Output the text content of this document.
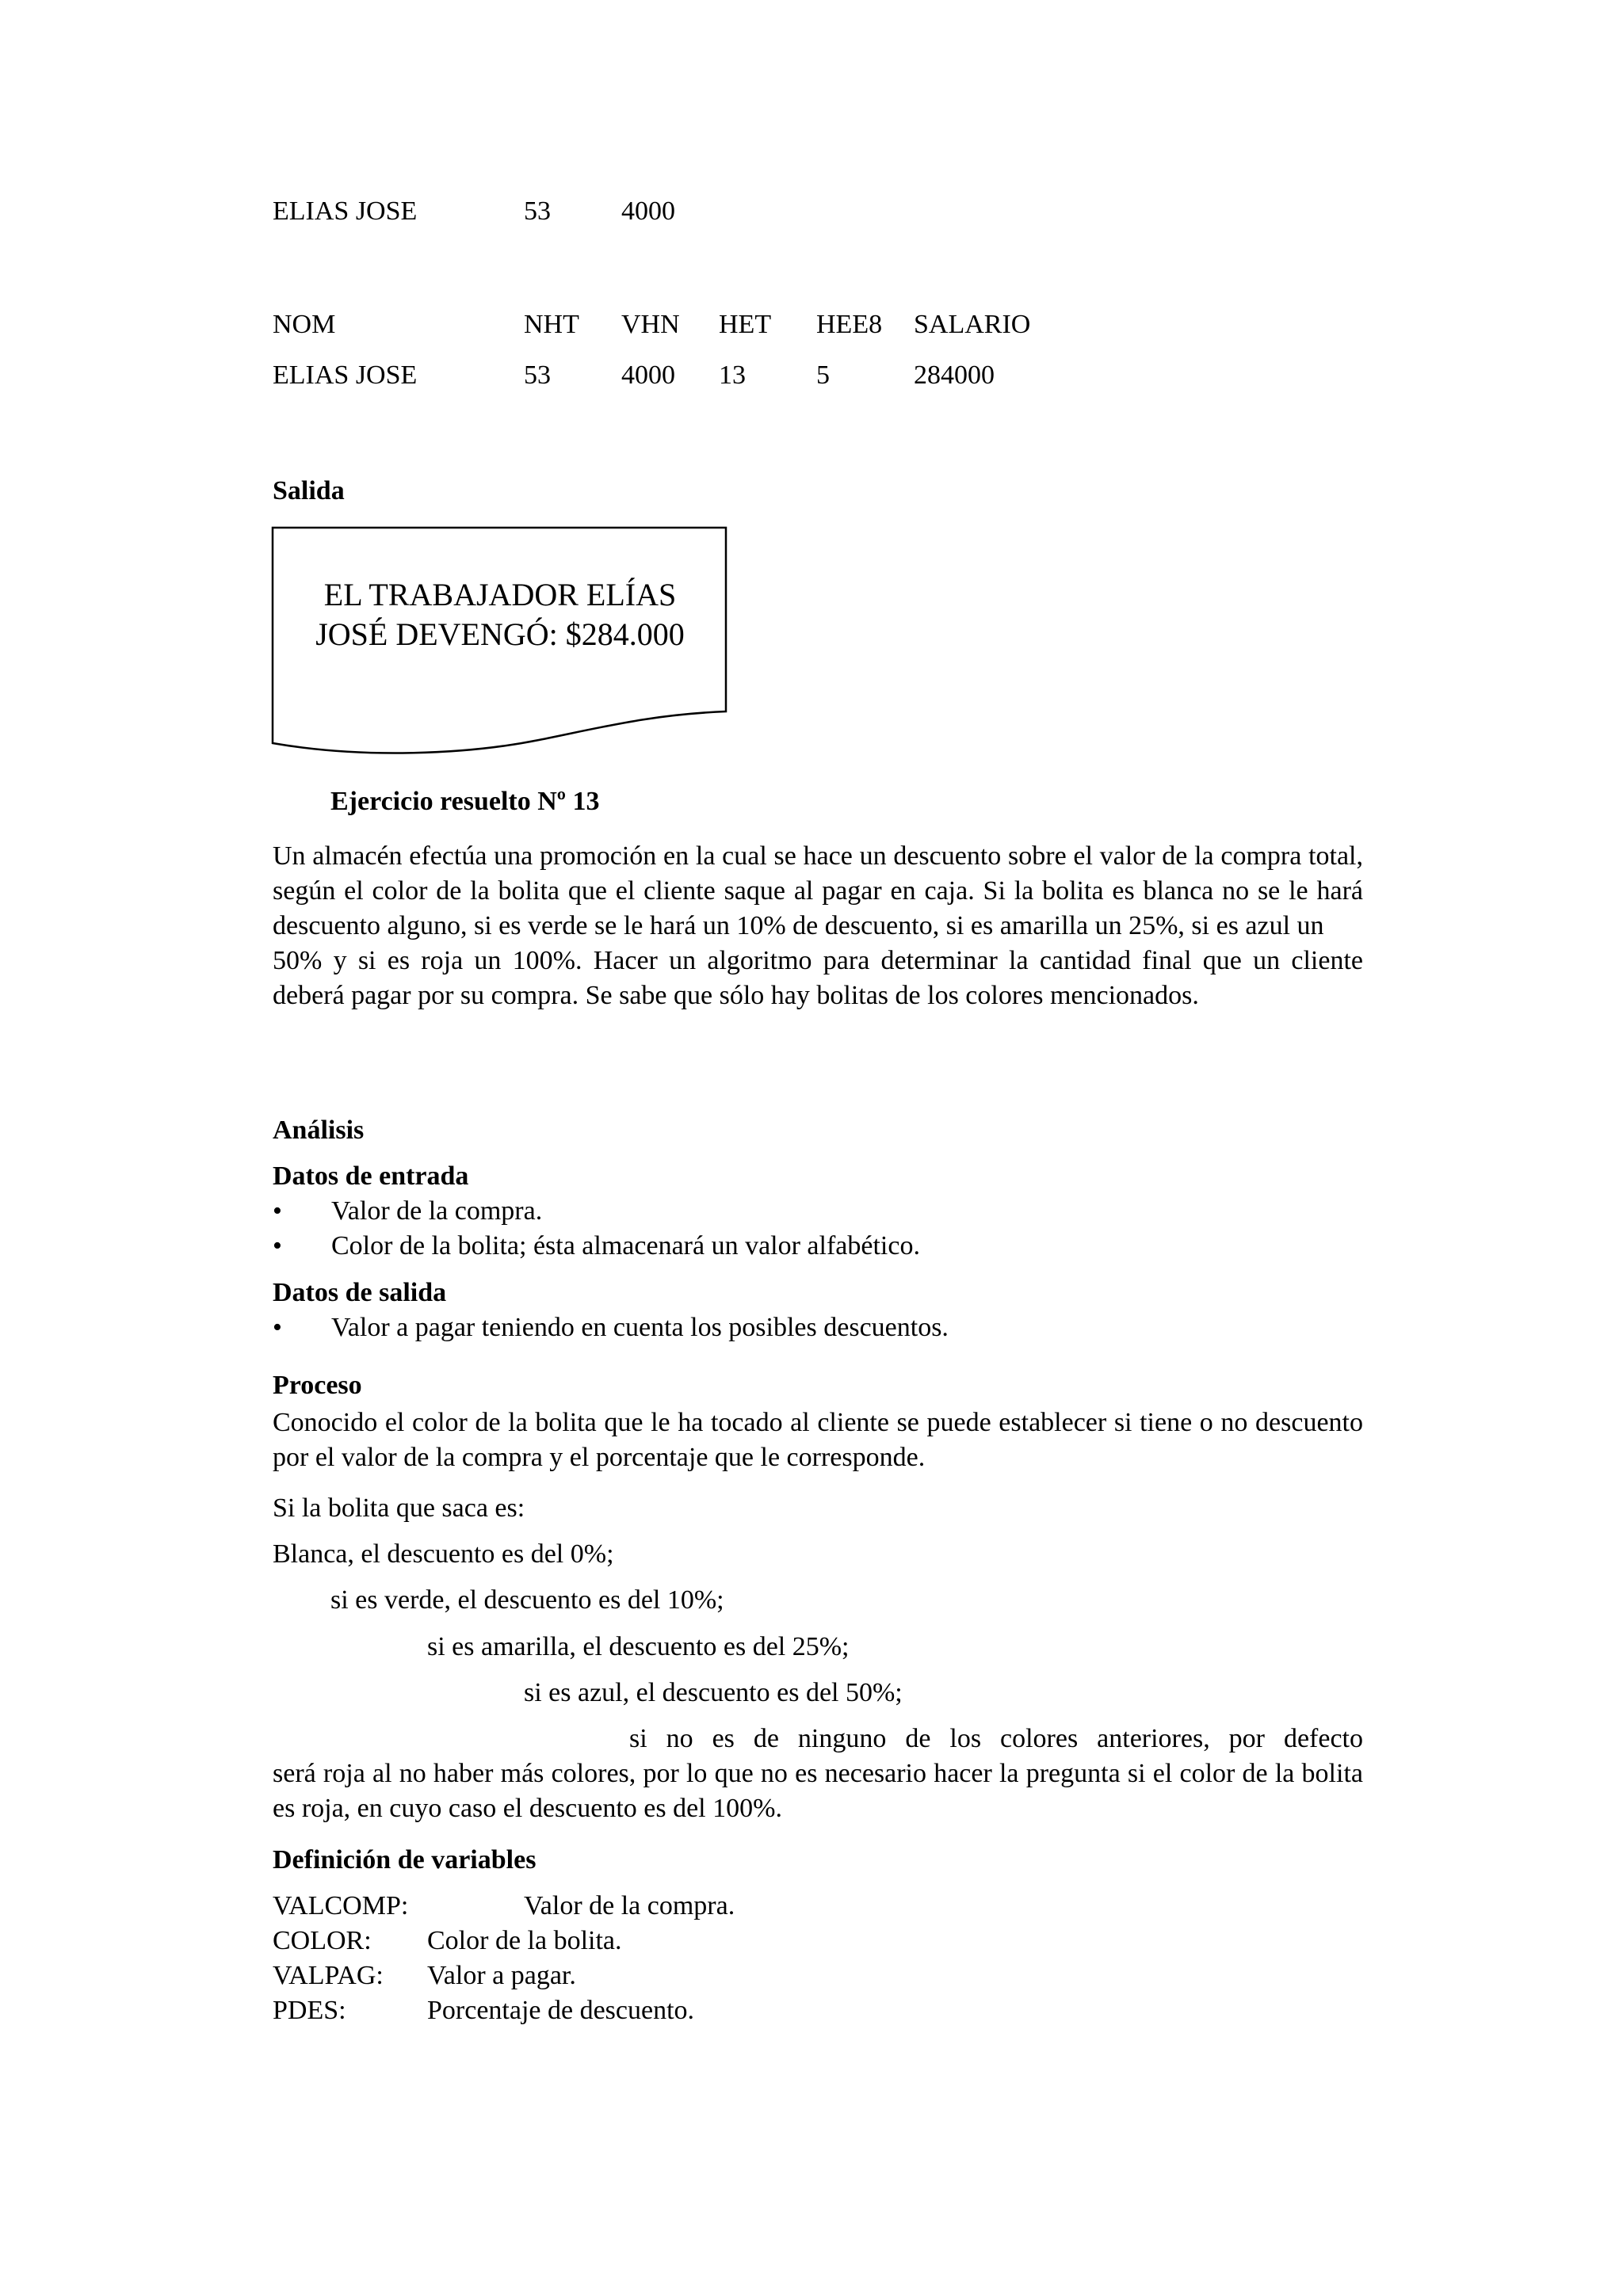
ELIAS JOSE	53	4000
NOM	NHT VHN HET HEE8 SALARIO
ELIAS JOSE	53	4000 13	5	284000
Salida
EL TRABAJADOR ELÍAS
JOSÉ DEVENGÓ: $284.000
Ejercicio resuelto Nº 13

Un almacén efectúa una promoción en la cual se hace un descuento sobre el valor de la compra total, según el color de la bolita que el cliente saque al pagar en caja. Si la bolita es blanca no se le hará descuento alguno, si es verde se le hará un 10% de descuento, si es amarilla un 25%, si es azul un

50% y si es roja un 100%. Hacer un algoritmo para determinar la cantidad final que un cliente deberá pagar por su compra. Se sabe que sólo hay bolitas de los colores mencionados.

Análisis
Datos de entrada
• Valor de la compra.
• Color de la bolita; ésta almacenará un valor alfabético.
Datos de salida
• Valor a pagar teniendo en cuenta los posibles descuentos.
Proceso

Conocido el color de la bolita que le ha tocado al cliente se puede establecer si tiene o no descuento por el valor de la compra y el porcentaje que le corresponde.

Si la bolita que saca es:
Blanca, el descuento es del 0%;
si es verde, el descuento es del 10%;
si es amarilla, el descuento es del 25%;
si es azul, el descuento es del 50%;

si no es de ninguno de los colores anteriores, por defecto

será roja al no haber más colores, por lo que no es necesario hacer la pregunta si el color de la bolita es roja, en cuyo caso el descuento es del 100%.

Definición de variables
VALCOMP:	Valor de la compra.
COLOR: Color de la bolita.
VALPAG: Valor a pagar.
PDES:	Porcentaje de descuento.
